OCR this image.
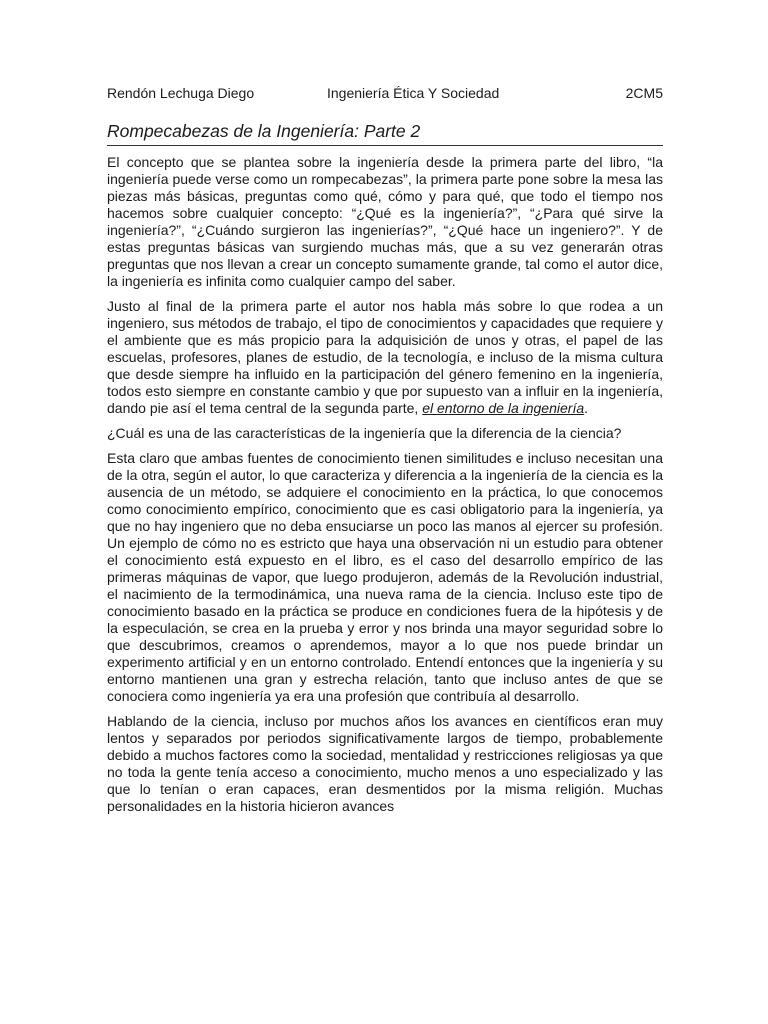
Rendón Lechuga Diego	Ingeniería Ética Y Sociedad	2CM5
Rompecabezas de la Ingeniería: Parte 2

El concepto que se plantea sobre la ingeniería desde la primera parte del libro, “la ingeniería puede verse como un rompecabezas”, la primera parte pone sobre la mesa las piezas más básicas, preguntas como qué, cómo y para qué, que todo el tiempo nos hacemos sobre cualquier concepto: “¿Qué es la ingeniería?”, “¿Para qué sirve la ingeniería?”, “¿Cuándo surgieron las ingenierías?”, “¿Qué hace un ingeniero?”. Y de estas preguntas básicas van surgiendo muchas más, que a su vez generarán otras preguntas que nos llevan a crear un concepto sumamente grande, tal como el autor dice, la ingeniería es infinita como cualquier campo del saber.

Justo al final de la primera parte el autor nos habla más sobre lo que rodea a un ingeniero, sus métodos de trabajo, el tipo de conocimientos y capacidades que requiere y el ambiente que es más propicio para la adquisición de unos y otras, el papel de las escuelas, profesores, planes de estudio, de la tecnología, e incluso de la misma cultura que desde siempre ha influido en la participación del género femenino en la ingeniería, todos esto siempre en constante cambio y que por supuesto van a influir en la ingeniería, dando pie así el tema central de la segunda parte, el entorno de la ingeniería.

¿Cuál es una de las características de la ingeniería que la diferencia de la ciencia?

Esta claro que ambas fuentes de conocimiento tienen similitudes e incluso necesitan una de la otra, según el autor, lo que caracteriza y diferencia a la ingeniería de la ciencia es la ausencia de un método, se adquiere el conocimiento en la práctica, lo que conocemos como conocimiento empírico, conocimiento que es casi obligatorio para la ingeniería, ya que no hay ingeniero que no deba ensuciarse un poco las manos al ejercer su profesión. Un ejemplo de cómo no es estricto que haya una observación ni un estudio para obtener el conocimiento está expuesto en el libro, es el caso del desarrollo empírico de las primeras máquinas de vapor, que luego produjeron, además de la Revolución industrial, el nacimiento de la termodinámica, una nueva rama de la ciencia. Incluso este tipo de conocimiento basado en la práctica se produce en condiciones fuera de la hipótesis y de la especulación, se crea en la prueba y error y nos brinda una mayor seguridad sobre lo que descubrimos, creamos o aprendemos, mayor a lo que nos puede brindar un experimento artificial y en un entorno controlado. Entendí entonces que la ingeniería y su entorno mantienen una gran y estrecha relación, tanto que incluso antes de que se conociera como ingeniería ya era una profesión que contribuía al desarrollo.

Hablando de la ciencia, incluso por muchos años los avances en científicos eran muy lentos y separados por periodos significativamente largos de tiempo, probablemente debido a muchos factores como la sociedad, mentalidad y restricciones religiosas ya que no toda la gente tenía acceso a conocimiento, mucho menos a uno especializado y las que lo tenían o eran capaces, eran desmentidos por la misma religión. Muchas personalidades en la historia hicieron avances
